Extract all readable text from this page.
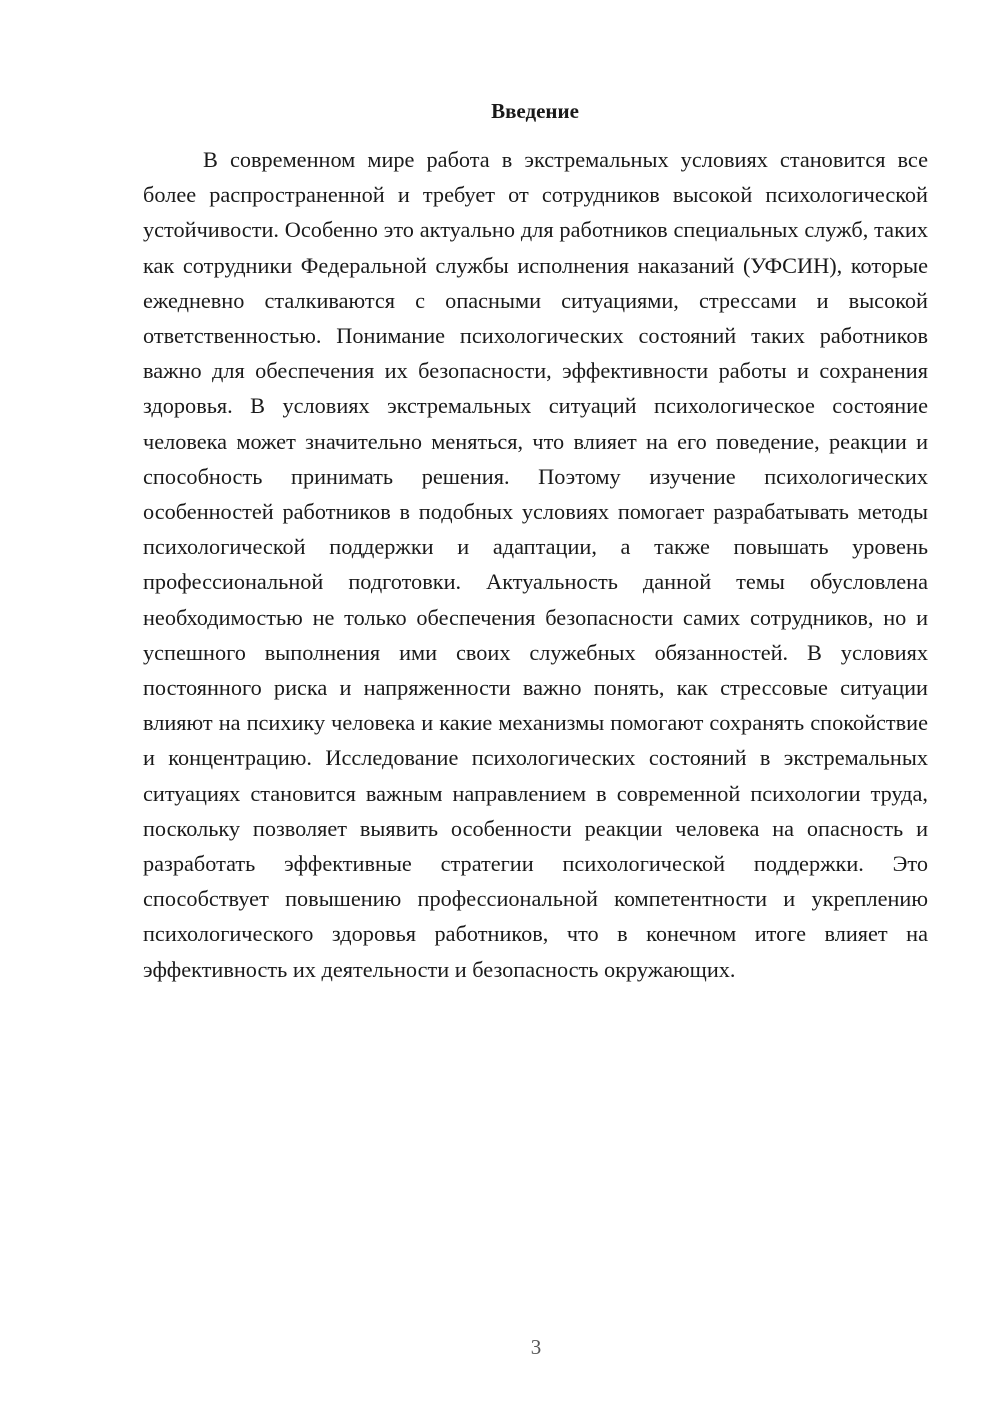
Введение

В современном мире работа в экстремальных условиях становится все более распространенной и требует от сотрудников высокой психологической устойчивости. Особенно это актуально для работников специальных служб, таких как сотрудники Федеральной службы исполнения наказаний (УФСИН), которые ежедневно сталкиваются с опасными ситуациями, стрессами и высокой ответственностью. Понимание психологических состояний таких работников важно для обеспечения их безопасности, эффективности работы и сохранения здоровья. В условиях экстремальных ситуаций психологическое состояние человека может значительно меняться, что влияет на его поведение, реакции и способность принимать решения. Поэтому изучение психологических особенностей работников в подобных условиях помогает разрабатывать методы психологической поддержки и адаптации, а также повышать уровень профессиональной подготовки. Актуальность данной темы обусловлена необходимостью не только обеспечения безопасности самих сотрудников, но и успешного выполнения ими своих служебных обязанностей. В условиях постоянного риска и напряженности важно понять, как стрессовые ситуации влияют на психику человека и какие механизмы помогают сохранять спокойствие и концентрацию. Исследование психологических состояний в экстремальных ситуациях становится важным направлением в современной психологии труда, поскольку позволяет выявить особенности реакции человека на опасность и разработать эффективные стратегии психологической поддержки. Это способствует повышению профессиональной компетентности и укреплению психологического здоровья работников, что в конечном итоге влияет на эффективность их деятельности и безопасность окружающих.

3
